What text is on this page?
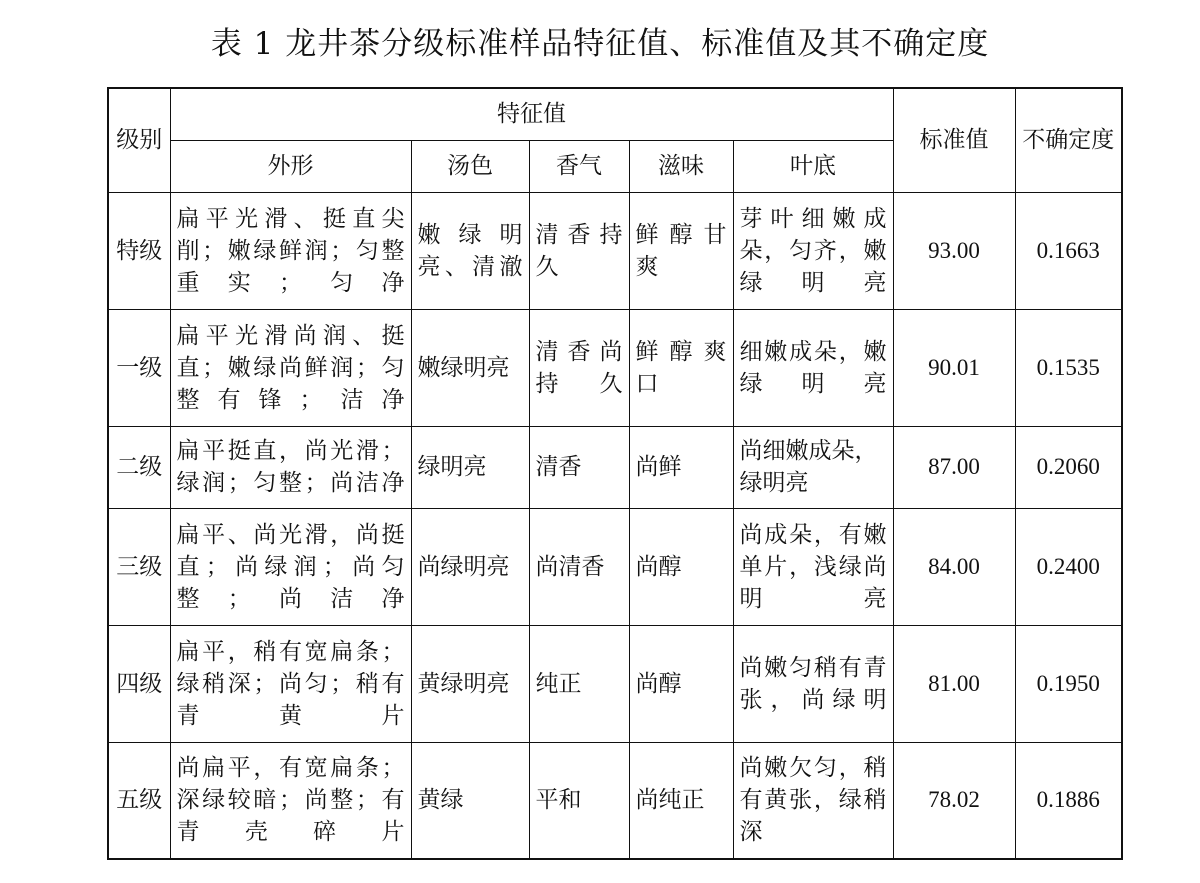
表 1 龙井茶分级标准样品特征值、标准值及其不确定度
级别	特征值					标准值	不确定度
	外形	汤色	香气	滋味	叶底		
特级	扁平光滑、挺直尖削；嫩绿鲜润；匀整重实；匀净	嫩绿明亮、清澈	清香持久	鲜醇甘爽	芽叶细嫩成朵，匀齐，嫩绿明亮	93.00	0.1663
一级	扁平光滑尚润、挺直；嫩绿尚鲜润；匀整有锋；洁净	嫩绿明亮	清香尚持久	鲜醇爽口	细嫩成朵，嫩绿明亮	90.01	0.1535
二级	扁平挺直，尚光滑；绿润；匀整；尚洁净	绿明亮	清香	尚鲜	尚细嫩成朵，绿明亮	87.00	0.2060
三级	扁平、尚光滑，尚挺直；尚绿润；尚匀整；尚洁净	尚绿明亮	尚清香	尚醇	尚成朵，有嫩单片，浅绿尚明亮	84.00	0.2400
四级	扁平，稍有宽扁条；绿稍深；尚匀；稍有青黄片	黄绿明亮	纯正	尚醇	尚嫩匀稍有青张，尚绿明	81.00	0.1950
五级	尚扁平，有宽扁条；深绿较暗；尚整；有青壳碎片	黄绿	平和	尚纯正	尚嫩欠匀，稍有黄张，绿稍深	78.02	0.1886
